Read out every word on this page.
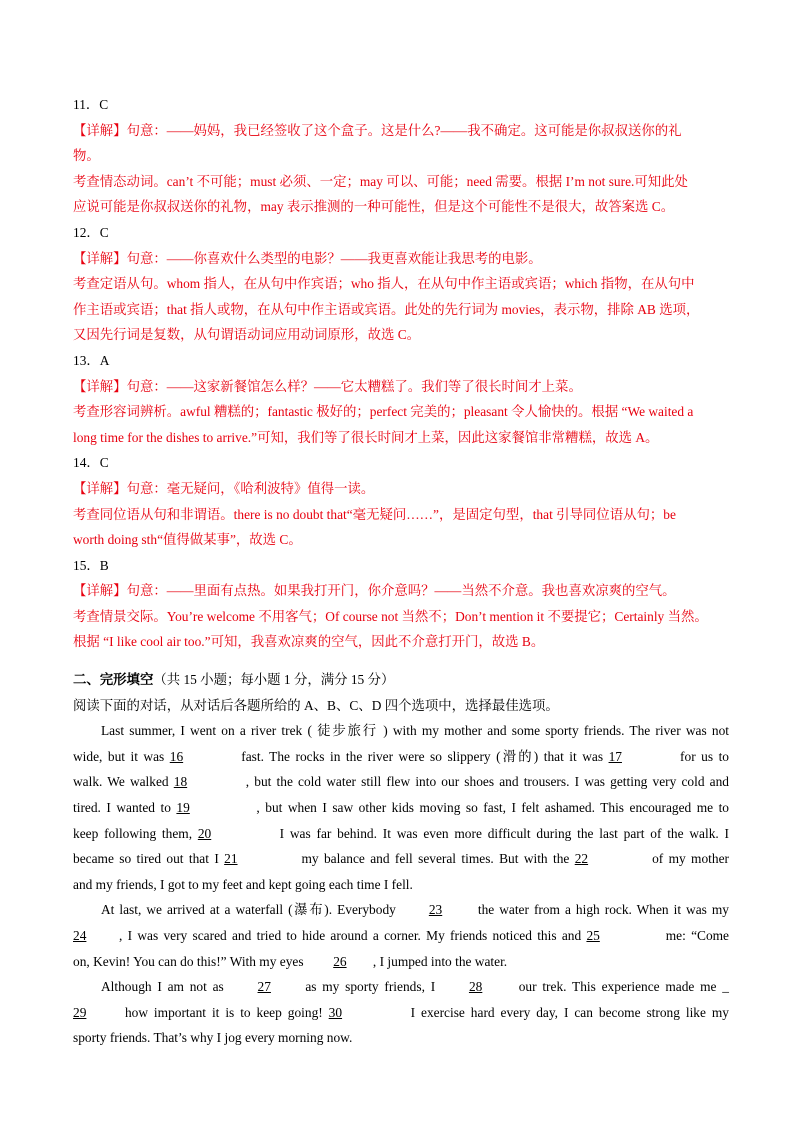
11．C

【详解】句意：——妈妈，我已经签收了这个盒子。这是什么?——我不确定。这可能是你叔叔送你的礼

物。

考查情态动词。can’t 不可能；must 必须、一定；may 可以、可能；need 需要。根据 I’m not sure.可知此处

应说可能是你叔叔送你的礼物，may 表示推测的一种可能性，但是这个可能性不是很大，故答案选 C。

12．C

【详解】句意：——你喜欢什么类型的电影？——我更喜欢能让我思考的电影。

考查定语从句。whom 指人，在从句中作宾语；who 指人，在从句中作主语或宾语；which 指物，在从句中

作主语或宾语；that 指人或物，在从句中作主语或宾语。此处的先行词为 movies，表示物，排除 AB 选项，

又因先行词是复数，从句谓语动词应用动词原形，故选 C。

13．A

【详解】句意：——这家新餐馆怎么样？——它太糟糕了。我们等了很长时间才上菜。

考查形容词辨析。awful 糟糕的；fantastic 极好的；perfect 完美的；pleasant 令人愉快的。根据 “We waited a

long time for the dishes to arrive.”可知，我们等了很长时间才上菜，因此这家餐馆非常糟糕，故选 A。

14．C

【详解】句意：毫无疑问，《哈利波特》值得一读。

考查同位语从句和非谓语。there is no doubt that“毫无疑问……”，是固定句型，that 引导同位语从句；be

worth doing sth“值得做某事”，故选 C。

15．B

【详解】句意：——里面有点热。如果我打开门，你介意吗？——当然不介意。我也喜欢凉爽的空气。

考查情景交际。You’re welcome 不用客气；Of course not 当然不；Don’t mention it 不要提它；Certainly 当然。

根据 “I like cool air too.”可知，我喜欢凉爽的空气，因此不介意打开门，故选 B。

二、完形填空（共 15 小题；每小题 1 分，满分 15 分）

阅读下面的对话，从对话后各题所给的 A、B、C、D 四个选项中，选择最佳选项。

Last summer, I went on a river trek ( 徒步旅行 ) with my mother and some sporty friends. The river was not

wide, but it was 16	fast. The rocks in the river were so slippery (滑的) that it was 17	for us to

walk. We walked 18	, but the cold water still flew into our shoes and trousers. I was getting very cold and

tired. I wanted to 19	, but when I saw other kids moving so fast, I felt ashamed. This encouraged me to

keep following them, 20	I was far behind. It was even more difficult during the last part of the walk. I

became so tired out that I 21	my balance and fell several times. But with the 22	of my mother

and my friends, I got to my feet and kept going each time I fell.

At last, we arrived at a waterfall (瀑布). Everybody 23 the water from a high rock. When it was my

24 , I was very scared and tried to hide around a corner. My friends noticed this and 25	me: “Come

on, Kevin! You can do this!” With my eyes 26 , I jumped into the water.

Although I am not as 27 as my sporty friends, I 28 our trek. This experience made me _

29 how important it is to keep going! 30	I exercise hard every day, I can become strong like my

sporty friends. That’s why I jog every morning now.
